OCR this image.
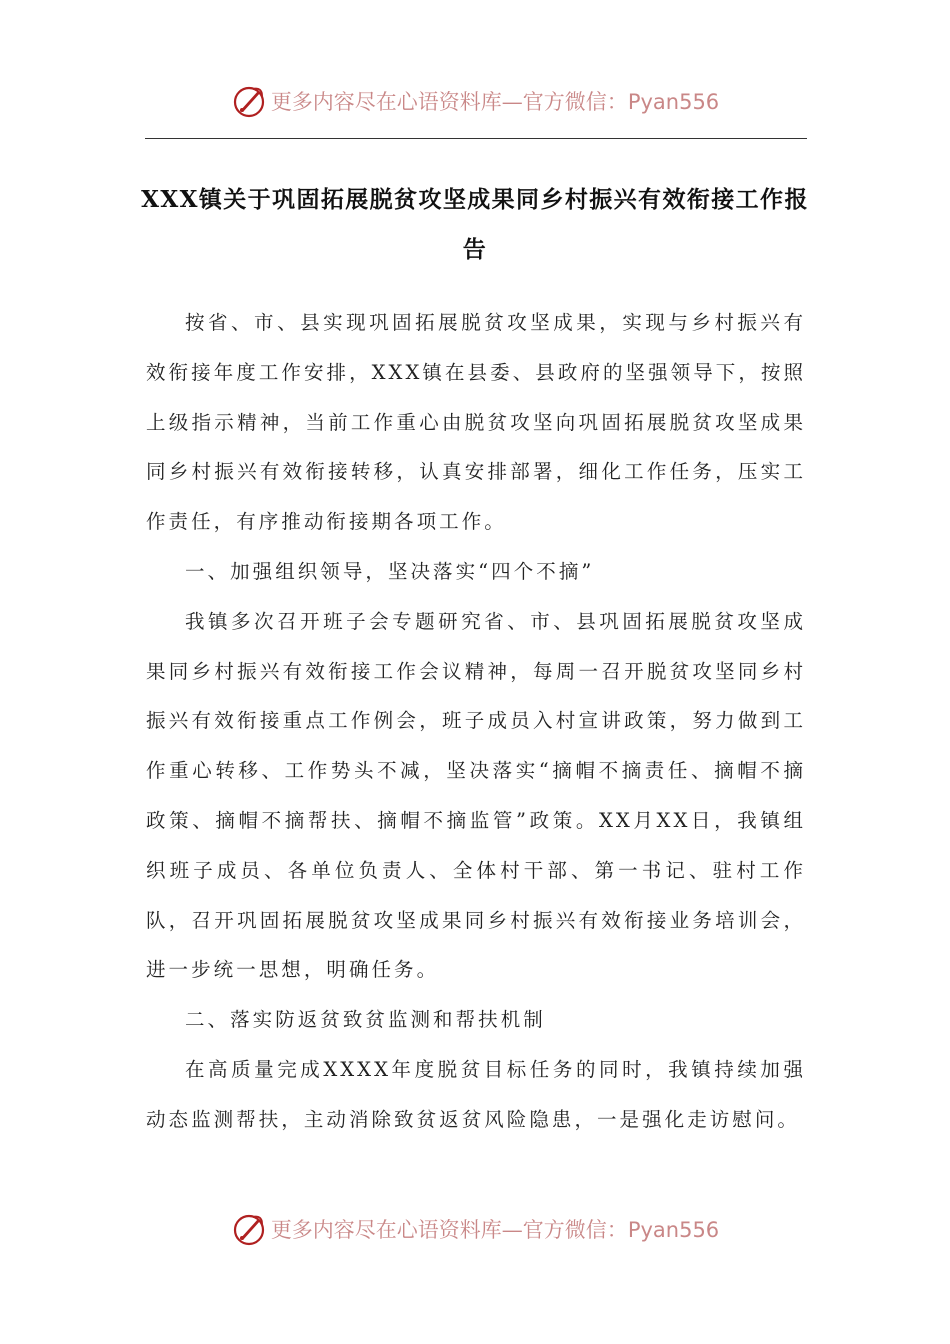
更多内容尽在心语资料库—官方微信：Pyan556
XXX镇关于巩固拓展脱贫攻坚成果同乡村振兴有效衔接工作报告

按省、市、县实现巩固拓展脱贫攻坚成果，实现与乡村振兴有效衔接年度工作安排，XXX镇在县委、县政府的坚强领导下，按照上级指示精神，当前工作重心由脱贫攻坚向巩固拓展脱贫攻坚成果同乡村振兴有效衔接转移，认真安排部署，细化工作任务，压实工作责任，有序推动衔接期各项工作。

一、加强组织领导，坚决落实“四个不摘”

我镇多次召开班子会专题研究省、市、县巩固拓展脱贫攻坚成果同乡村振兴有效衔接工作会议精神，每周一召开脱贫攻坚同乡村振兴有效衔接重点工作例会，班子成员入村宣讲政策，努力做到工作重心转移、工作势头不减，坚决落实“摘帽不摘责任、摘帽不摘政策、摘帽不摘帮扶、摘帽不摘监管”政策。XX月XX日，我镇组织班子成员、各单位负责人、全体村干部、第一书记、驻村工作队，召开巩固拓展脱贫攻坚成果同乡村振兴有效衔接业务培训会，进一步统一思想，明确任务。

二、落实防返贫致贫监测和帮扶机制

在高质量完成XXXX年度脱贫目标任务的同时，我镇持续加强动态监测帮扶，主动消除致贫返贫风险隐患，一是强化走访慰问。

更多内容尽在心语资料库—官方微信：Pyan556
